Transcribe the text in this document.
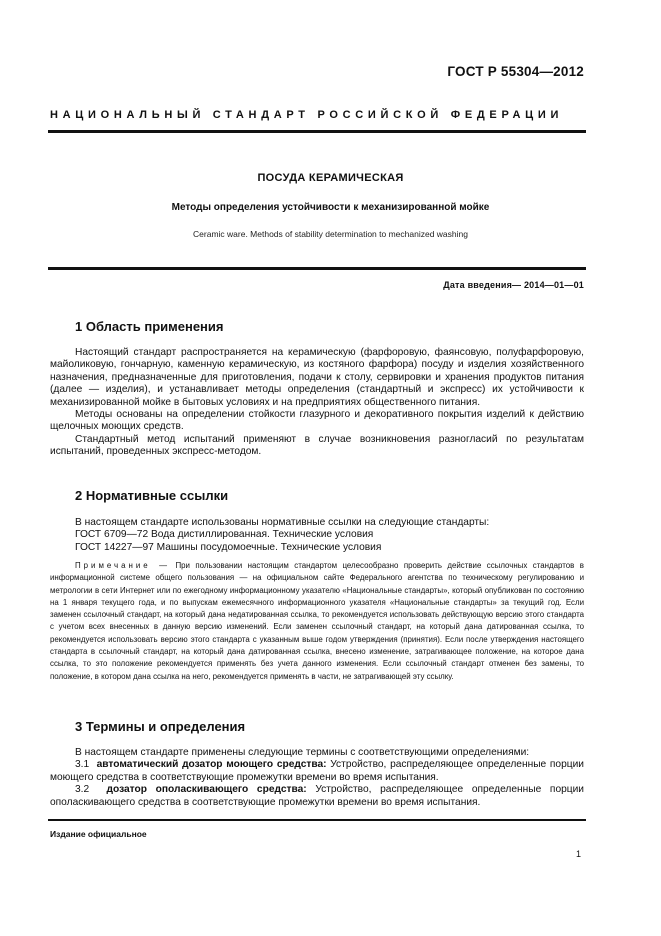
ГОСТ Р 55304—2012
НАЦИОНАЛЬНЫЙ СТАНДАРТ РОССИЙСКОЙ ФЕДЕРАЦИИ
ПОСУДА КЕРАМИЧЕСКАЯ
Методы определения устойчивости к механизированной мойке
Ceramic ware. Methods of stability determination to mechanized washing
Дата введения— 2014—01—01
1 Область применения

Настоящий стандарт распространяется на керамическую (фарфоровую, фаянсовую, полуфарфоровую, майоликовую, гончарную, каменную керамическую, из костяного фарфора) посуду и изделия хозяйственного назначения, предназначенные для приготовления, подачи к столу, сервировки и хранения продуктов питания (далее — изделия), и устанавливает методы определения (стандартный и экспресс) их устойчивости к механизированной мойке в бытовых условиях и на предприятиях общественного питания.

Методы основаны на определении стойкости глазурного и декоративного покрытия изделий к действию щелочных моющих средств.

Стандартный метод испытаний применяют в случае возникновения разногласий по результатам испытаний, проведенных экспресс-методом.

2 Нормативные ссылки

В настоящем стандарте использованы нормативные ссылки на следующие стандарты:

ГОСТ 6709—72 Вода дистиллированная. Технические условия

ГОСТ 14227—97 Машины посудомоечные. Технические условия

Примечание — При пользовании настоящим стандартом целесообразно проверить действие ссылочных стандартов в информационной системе общего пользования — на официальном сайте Федерального агентства по техническому регулированию и метрологии в сети Интернет или по ежегодному информационному указателю «Национальные стандарты», который опубликован по состоянию на 1 января текущего года, и по выпускам ежемесячного информационного указателя «Национальные стандарты» за текущий год. Если заменен ссылочный стандарт, на который дана недатированная ссылка, то рекомендуется использовать действующую версию этого стандарта с учетом всех внесенных в данную версию изменений. Если заменен ссылочный стандарт, на который дана датированная ссылка, то рекомендуется использовать версию этого стандарта с указанным выше годом утверждения (принятия). Если после утверждения настоящего стандарта в ссылочный стандарт, на который дана датированная ссылка, внесено изменение, затрагивающее положение, на которое дана ссылка, то это положение рекомендуется применять без учета данного изменения. Если ссылочный стандарт отменен без замены, то положение, в котором дана ссылка на него, рекомендуется применять в части, не затрагивающей эту ссылку.

3 Термины и определения

В настоящем стандарте применены следующие термины с соответствующими определениями:

3.1 автоматический дозатор моющего средства: Устройство, распределяющее определенные порции моющего средства в соответствующие промежутки времени во время испытания.

3.2 дозатор ополаскивающего средства: Устройство, распределяющее определенные порции ополаскивающего средства в соответствующие промежутки времени во время испытания.

Издание официальное
1
